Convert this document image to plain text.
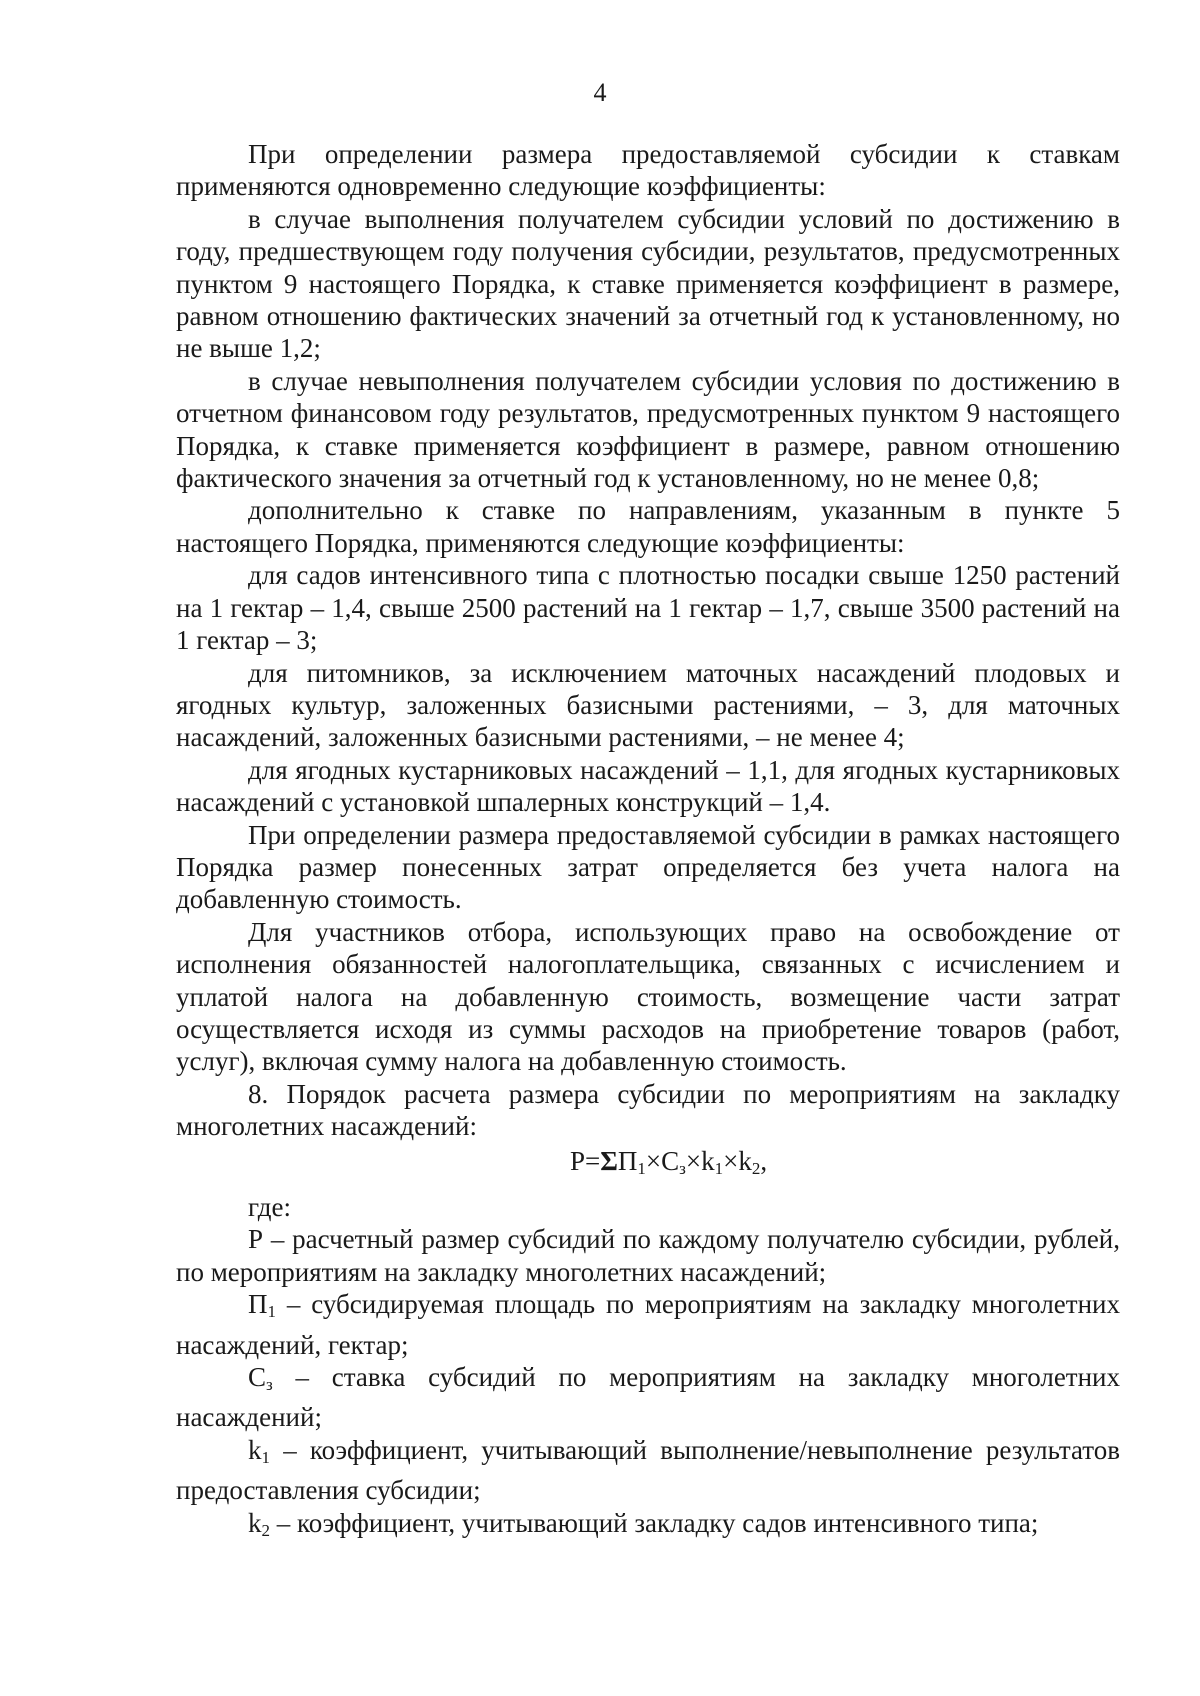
4

При определении размера предоставляемой субсидии к ставкам применяются одновременно следующие коэффициенты:

в случае выполнения получателем субсидии условий по достижению в году, предшествующем году получения субсидии, результатов, предусмотренных пунктом 9 настоящего Порядка, к ставке применяется коэффициент в размере, равном отношению фактических значений за отчетный год к установленному, но не выше 1,2;

в случае невыполнения получателем субсидии условия по достижению в отчетном финансовом году результатов, предусмотренных пунктом 9 настоящего Порядка, к ставке применяется коэффициент в размере, равном отношению фактического значения за отчетный год к установленному, но не менее 0,8;

дополнительно к ставке по направлениям, указанным в пункте 5 настоящего Порядка, применяются следующие коэффициенты:

для садов интенсивного типа с плотностью посадки свыше 1250 растений на 1 гектар – 1,4, свыше 2500 растений на 1 гектар – 1,7, свыше 3500 растений на 1 гектар – 3;

для питомников, за исключением маточных насаждений плодовых и ягодных культур, заложенных базисными растениями, – 3, для маточных насаждений, заложенных базисными растениями, – не менее 4;

для ягодных кустарниковых насаждений – 1,1, для ягодных кустарниковых насаждений с установкой шпалерных конструкций – 1,4.

При определении размера предоставляемой субсидии в рамках настоящего Порядка размер понесенных затрат определяется без учета налога на добавленную стоимость.

Для участников отбора, использующих право на освобождение от исполнения обязанностей налогоплательщика, связанных с исчислением и уплатой налога на добавленную стоимость, возмещение части затрат осуществляется исходя из суммы расходов на приобретение товаров (работ, услуг), включая сумму налога на добавленную стоимость.

8. Порядок расчета размера субсидии по мероприятиям на закладку многолетних насаждений:

$P=\Sigma П_1\times С_з\times k_1\times k_2$,

где:

Р – расчетный размер субсидий по каждому получателю субсидии, рублей, по мероприятиям на закладку многолетних насаждений;

$П_1$ – субсидируемая площадь по мероприятиям на закладку многолетних насаждений, гектар;

$С_з$ – ставка субсидий по мероприятиям на закладку многолетних насаждений;

$k_1$ – коэффициент, учитывающий выполнение/невыполнение результатов предоставления субсидии;

$k_2$ – коэффициент, учитывающий закладку садов интенсивного типа;
